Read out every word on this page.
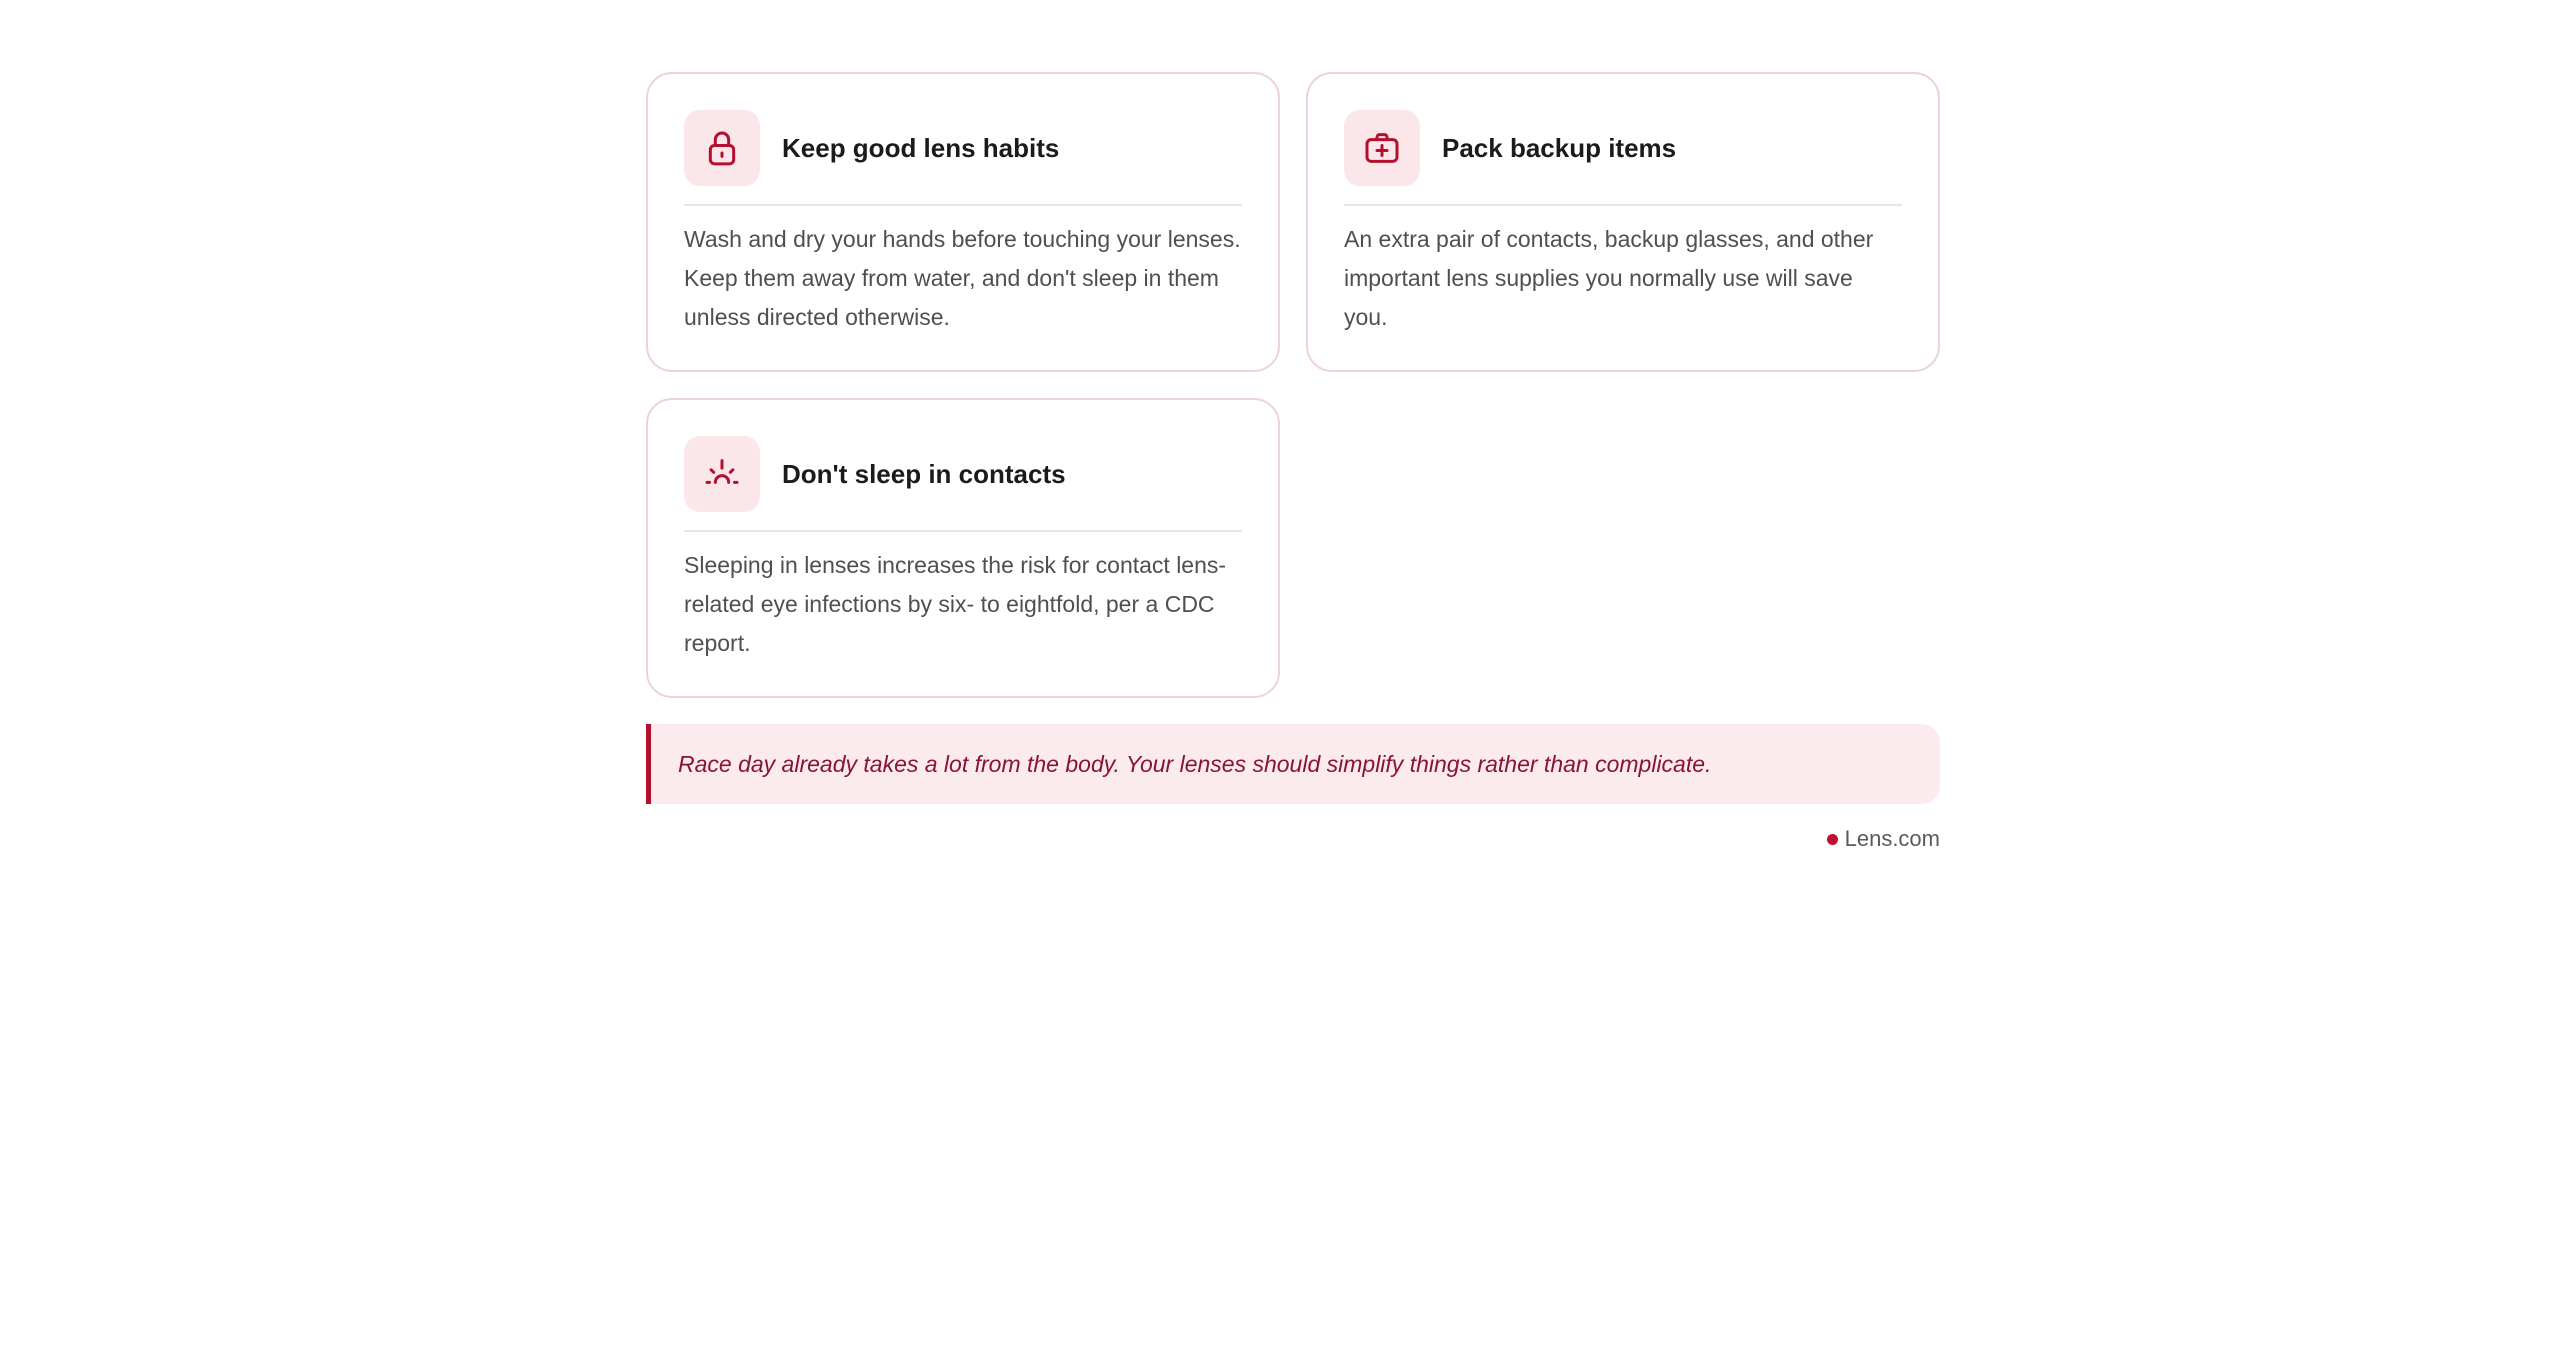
Keep good lens habits
Wash and dry your hands before touching your lenses. Keep them away from water, and don't sleep in them unless directed otherwise.
Pack backup items
An extra pair of contacts, backup glasses, and other important lens supplies you normally use will save you.
Don't sleep in contacts
Sleeping in lenses increases the risk for contact lens-related eye infections by six- to eightfold, per a CDC report.
Race day already takes a lot from the body. Your lenses should simplify things rather than complicate.
Lens.com
